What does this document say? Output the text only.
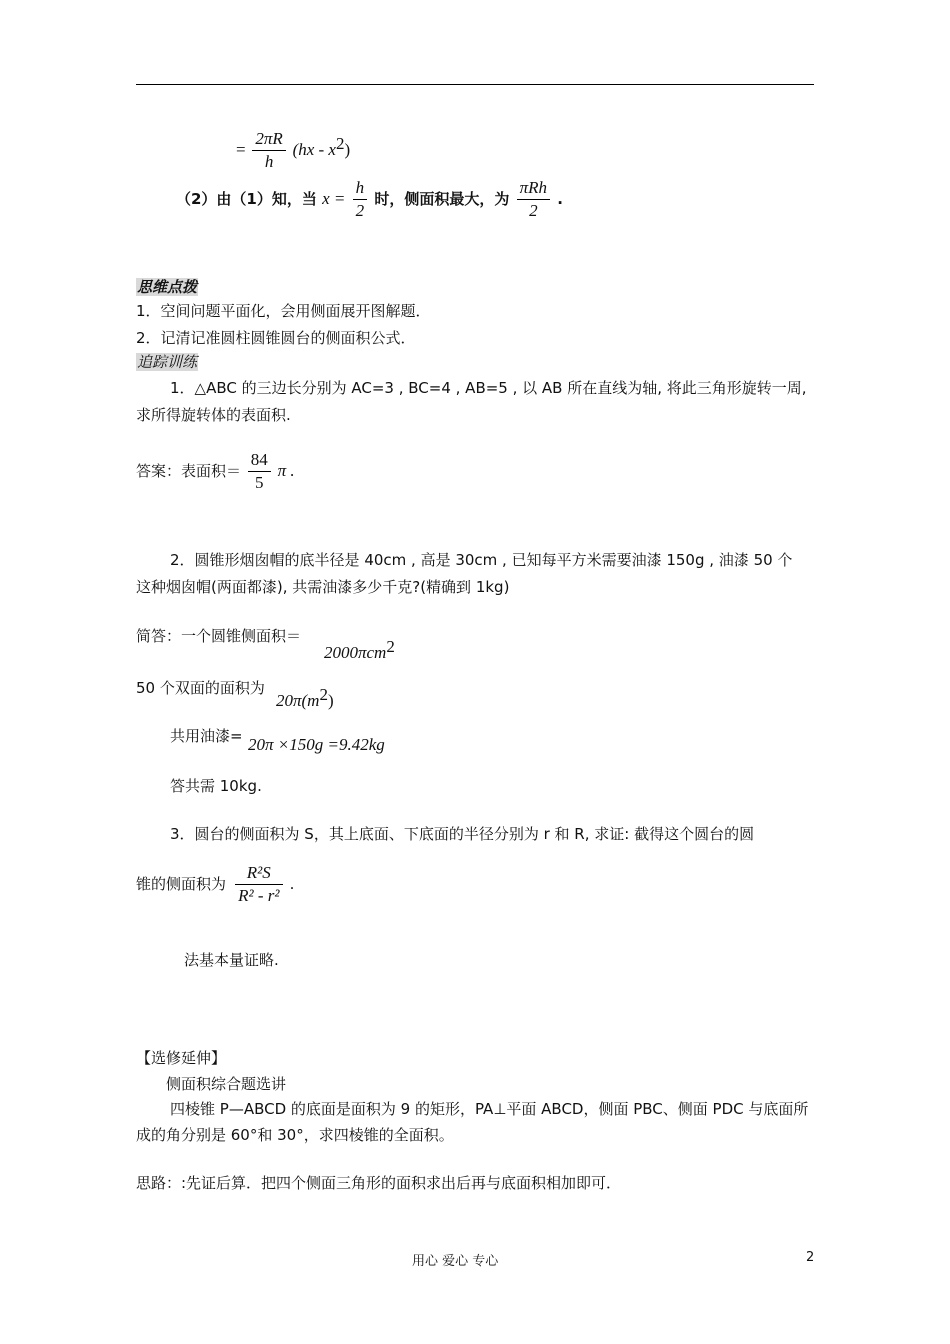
= $\frac{2\pi R}{h} (hx - x^2)$
（2）由（1）知，当 $x = \frac{h}{2}$ 时，侧面积最大，为 $\frac{\text{πRh}}{2}$ .
思维点拨
1．空间问题平面化，会用侧面展开图解题．
2．记清记准圆柱圆锥圆台的侧面积公式．
追踪训练
1．△ABC 的三边长分别为 AC=3 , BC=4 , AB=5 , 以 AB 所在直线为轴, 将此三角形旋转一周,
求所得旋转体的表面积.
答案：表面积＝ $\frac{84}{5}$ π .
2．圆锥形烟囱帽的底半径是 40cm , 高是 30cm , 已知每平方米需要油漆 150g , 油漆 50 个
这种烟囱帽(两面都漆), 共需油漆多少千克?(精确到 1kg)
简答：一个圆锥侧面积＝
2000πcm$^2$
50 个双面的面积为
$20\pi(m^2)$
共用油漆= 20π ×150g =9.42kg
答共需 10kg.
3．圆台的侧面积为 S，其上底面、下底面的半径分别为 r 和 R, 求证: 截得这个圆台的圆
锥的侧面积为 $\frac{\text{R²S}}{\text{R² - r²}}$ .
法基本量证略.
【选修延伸】
侧面积综合题选讲
四棱锥 P—ABCD 的底面是面积为 9 的矩形，PA⊥平面 ABCD，侧面 PBC、侧面 PDC 与底面所
成的角分别是 60°和 30°，求四棱锥的全面积。
思路：:先证后算．把四个侧面三角形的面积求出后再与底面积相加即可．
用心 爱心 专心	2
